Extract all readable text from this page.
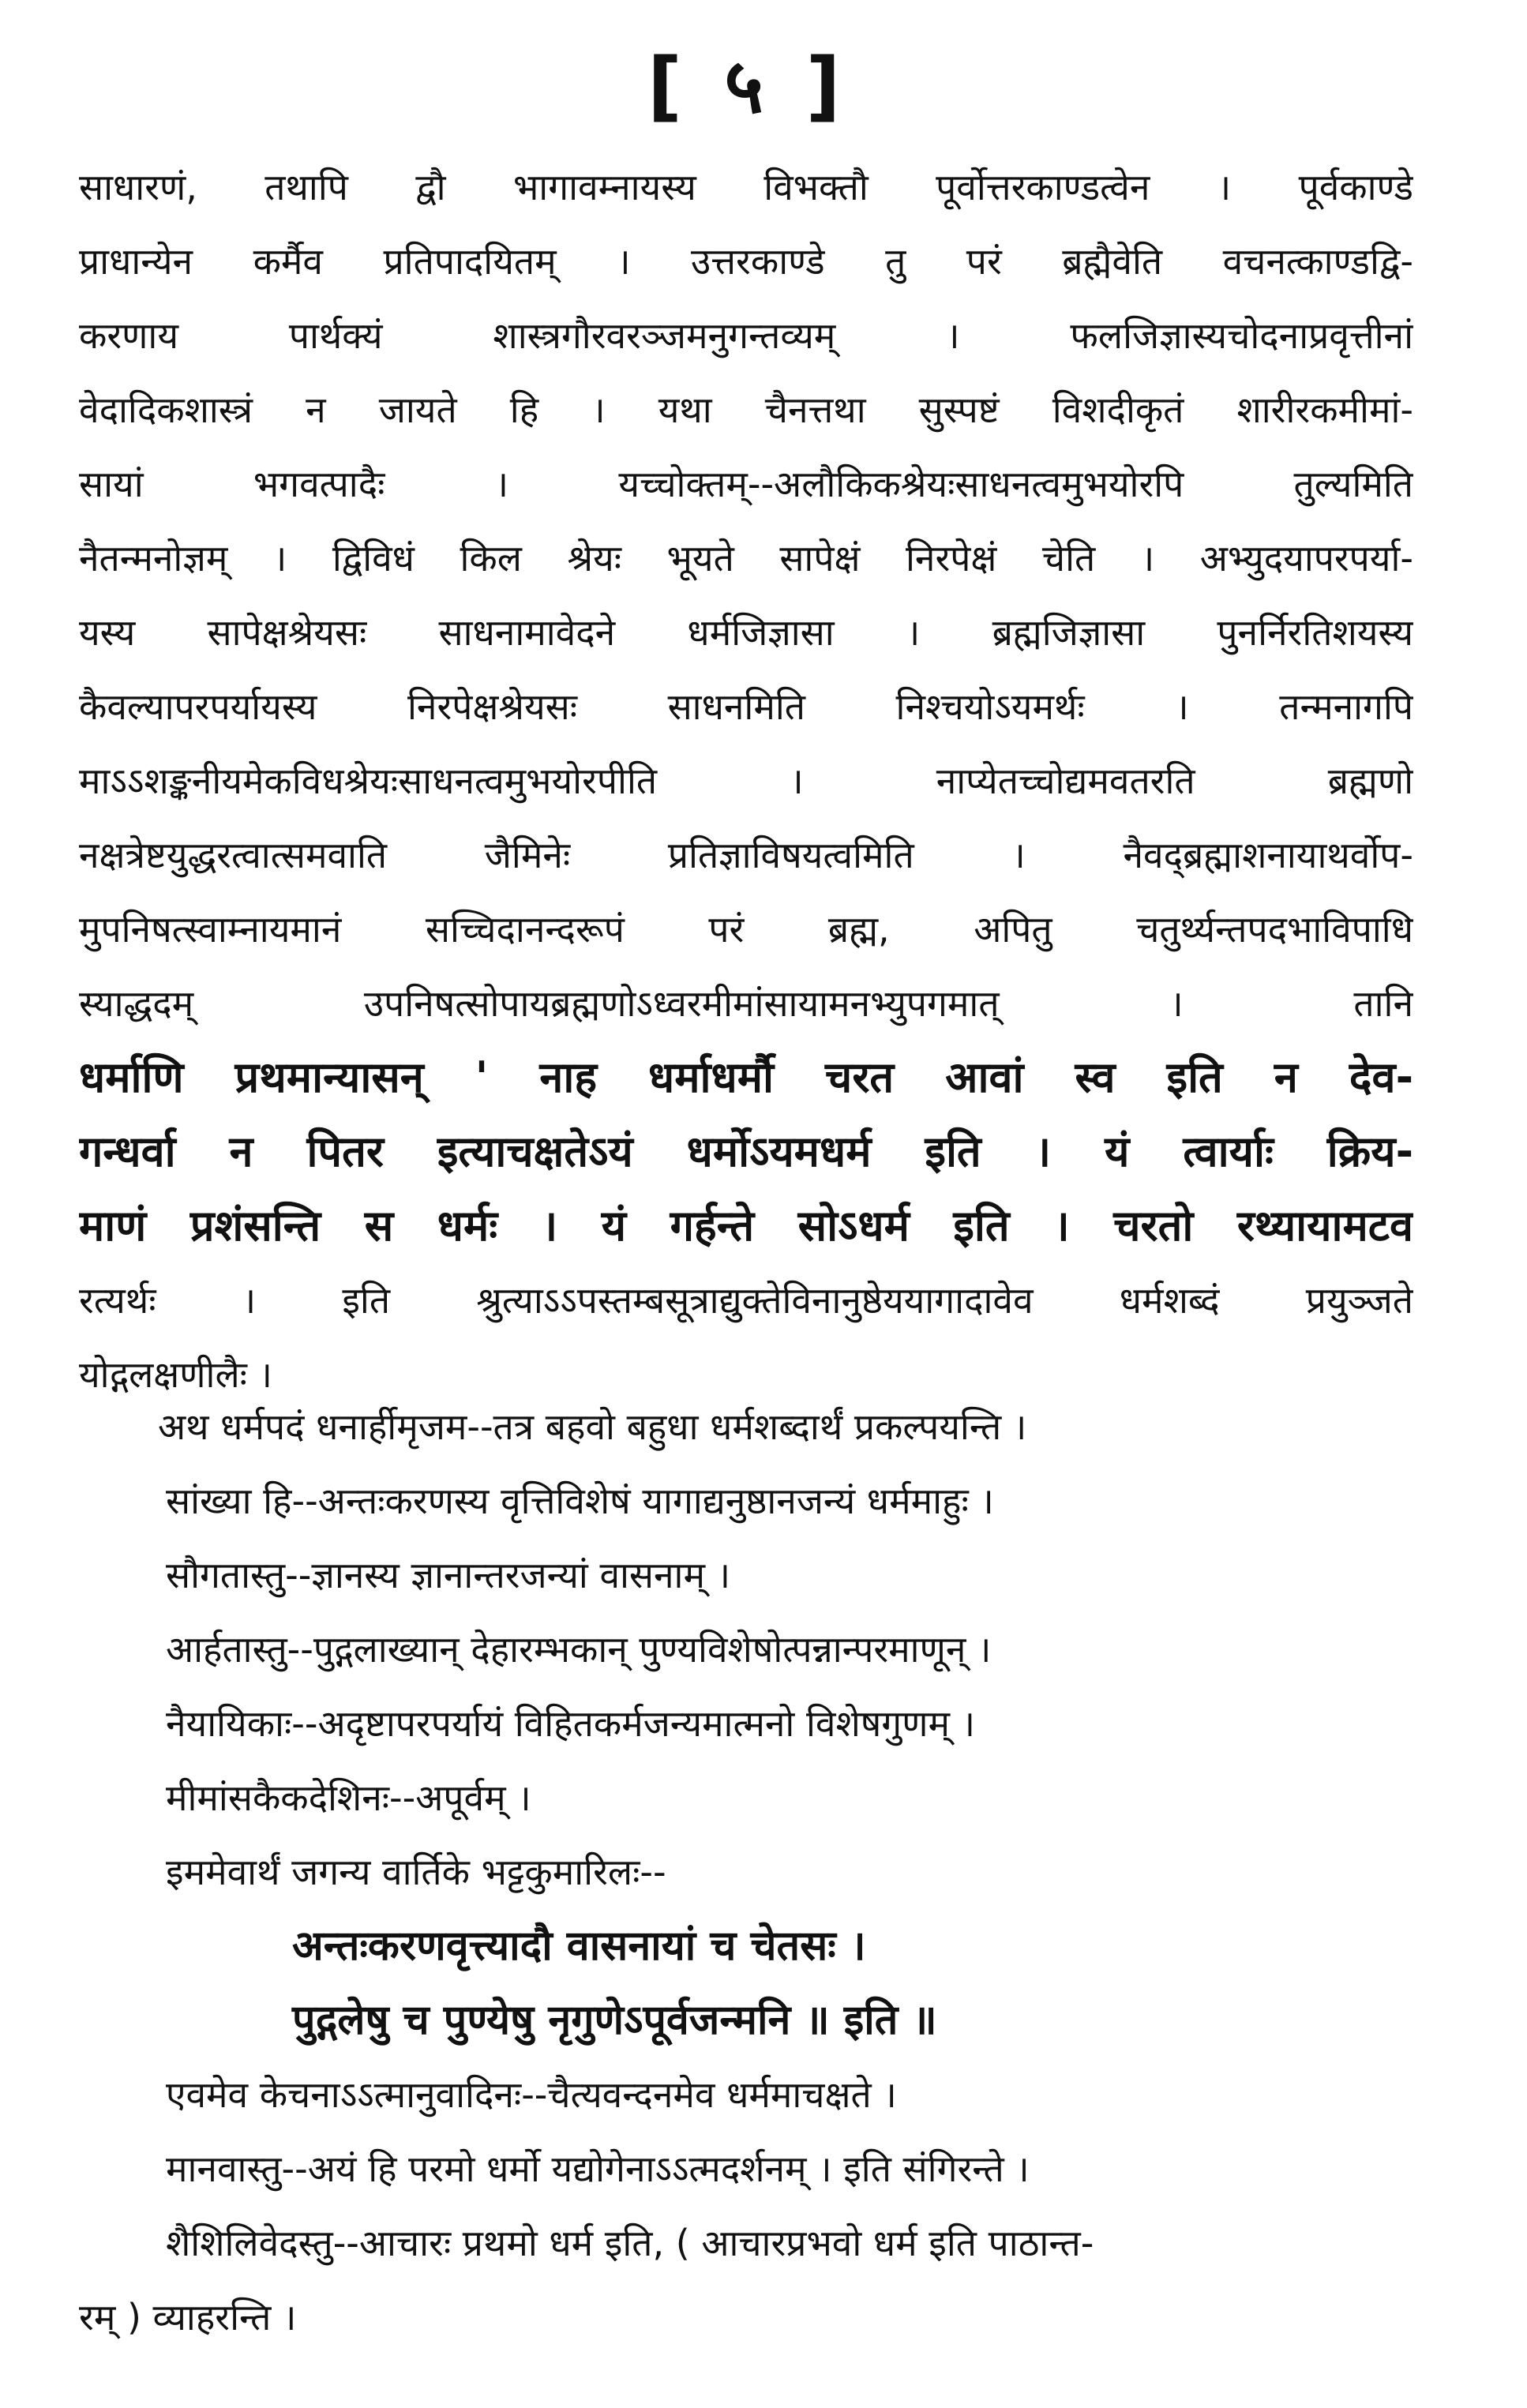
[ ५ ]
साधारणं, तथापि द्वौ भागावम्नायस्य विभक्तौ पूर्वोत्तरकाण्डत्वेन । पूर्वकाण्डे
प्राधान्येन कर्मैव प्रतिपादयितम् । उत्तरकाण्डे तु परं ब्रह्मैवेति वचनत्काण्डद्वि-
करणाय पार्थक्यं शास्त्रगौरवरञ्जमनुगन्तव्यम् । फलजिज्ञास्यचोदनाप्रवृत्तीनां
वेदादिकशास्त्रं न जायते हि । यथा चैनत्तथा सुस्पष्टं विशदीकृतं शारीरकमीमां-
सायां भगवत्पादैः । यच्चोक्तम्--अलौकिकश्रेयःसाधनत्वमुभयोरपि तुल्यमिति
नैतन्मनोज्ञम् । द्विविधं किल श्रेयः भूयते सापेक्षं निरपेक्षं चेति । अभ्युदयापरपर्या-
यस्य सापेक्षश्रेयसः साधनामावेदने धर्मजिज्ञासा । ब्रह्मजिज्ञासा पुनर्निरतिशयस्य
कैवल्यापरपर्यायस्य निरपेक्षश्रेयसः साधनमिति निश्चयोऽयमर्थः । तन्मनागपि
माऽऽशङ्कनीयमेकविधश्रेयःसाधनत्वमुभयोरपीति । नाप्येतच्चोद्यमवतरति ब्रह्मणो
नक्षत्रेष्टयुद्धरत्वात्समवाति जैमिनेः प्रतिज्ञाविषयत्वमिति । नैवद्ब्रह्माशनायाथर्वोप-
मुपनिषत्स्वाम्नायमानं सच्चिदानन्दरूपं परं ब्रह्म, अपितु चतुर्थ्यन्तपदभाविपाधि
स्याद्धदम् उपनिषत्सोपायब्रह्मणोऽध्वरमीमांसायामनभ्युपगमात् । तानि
धर्माणि प्रथमान्यासन् ' नाह धर्माधर्मौ चरत आवां स्व इति न देव-
गन्धर्वा न पितर इत्याचक्षतेऽयं धर्मोऽयमधर्म इति । यं त्वार्याः क्रिय-
माणं प्रशंसन्ति स धर्मः । यं गर्हन्ते सोऽधर्म इति । चरतो रथ्यायामटव
रत्यर्थः । इति श्रुत्याऽऽपस्तम्बसूत्राद्युक्तेविनानुष्ठेययागादावेव धर्मशब्दं प्रयुञ्जते
योद्गलक्षणीलैः ।
अथ धर्मपदं धनार्हीमृजम--तत्र बहवो बहुधा धर्मशब्दार्थं प्रकल्पयन्ति ।
सांख्या हि--अन्तःकरणस्य वृत्तिविशेषं यागाद्यनुष्ठानजन्यं धर्ममाहुः ।
सौगतास्तु--ज्ञानस्य ज्ञानान्तरजन्यां वासनाम् ।
आर्हतास्तु--पुद्गलाख्यान् देहारम्भकान् पुण्यविशेषोत्पन्नान्परमाणून् ।
नैयायिकाः--अदृष्टापरपर्यायं विहितकर्मजन्यमात्मनो विशेषगुणम् ।
मीमांसकैकदेशिनः--अपूर्वम् ।
इममेवार्थं जगन्य वार्तिके भट्टकुमारिलः--
अन्तःकरणवृत्त्यादौ वासनायां च चेतसः ।
पुद्गलेषु च पुण्येषु नृगुणेऽपूर्वजन्मनि ॥ इति ॥
एवमेव केचनाऽऽत्मानुवादिनः--चैत्यवन्दनमेव धर्ममाचक्षते ।
मानवास्तु--अयं हि परमो धर्मो यद्योगेनाऽऽत्मदर्शनम् । इति संगिरन्ते ।
शैशिलिवेदस्तु--आचारः प्रथमो धर्म इति, ( आचारप्रभवो धर्म इति पाठान्त-
रम् ) व्याहरन्ति ।
